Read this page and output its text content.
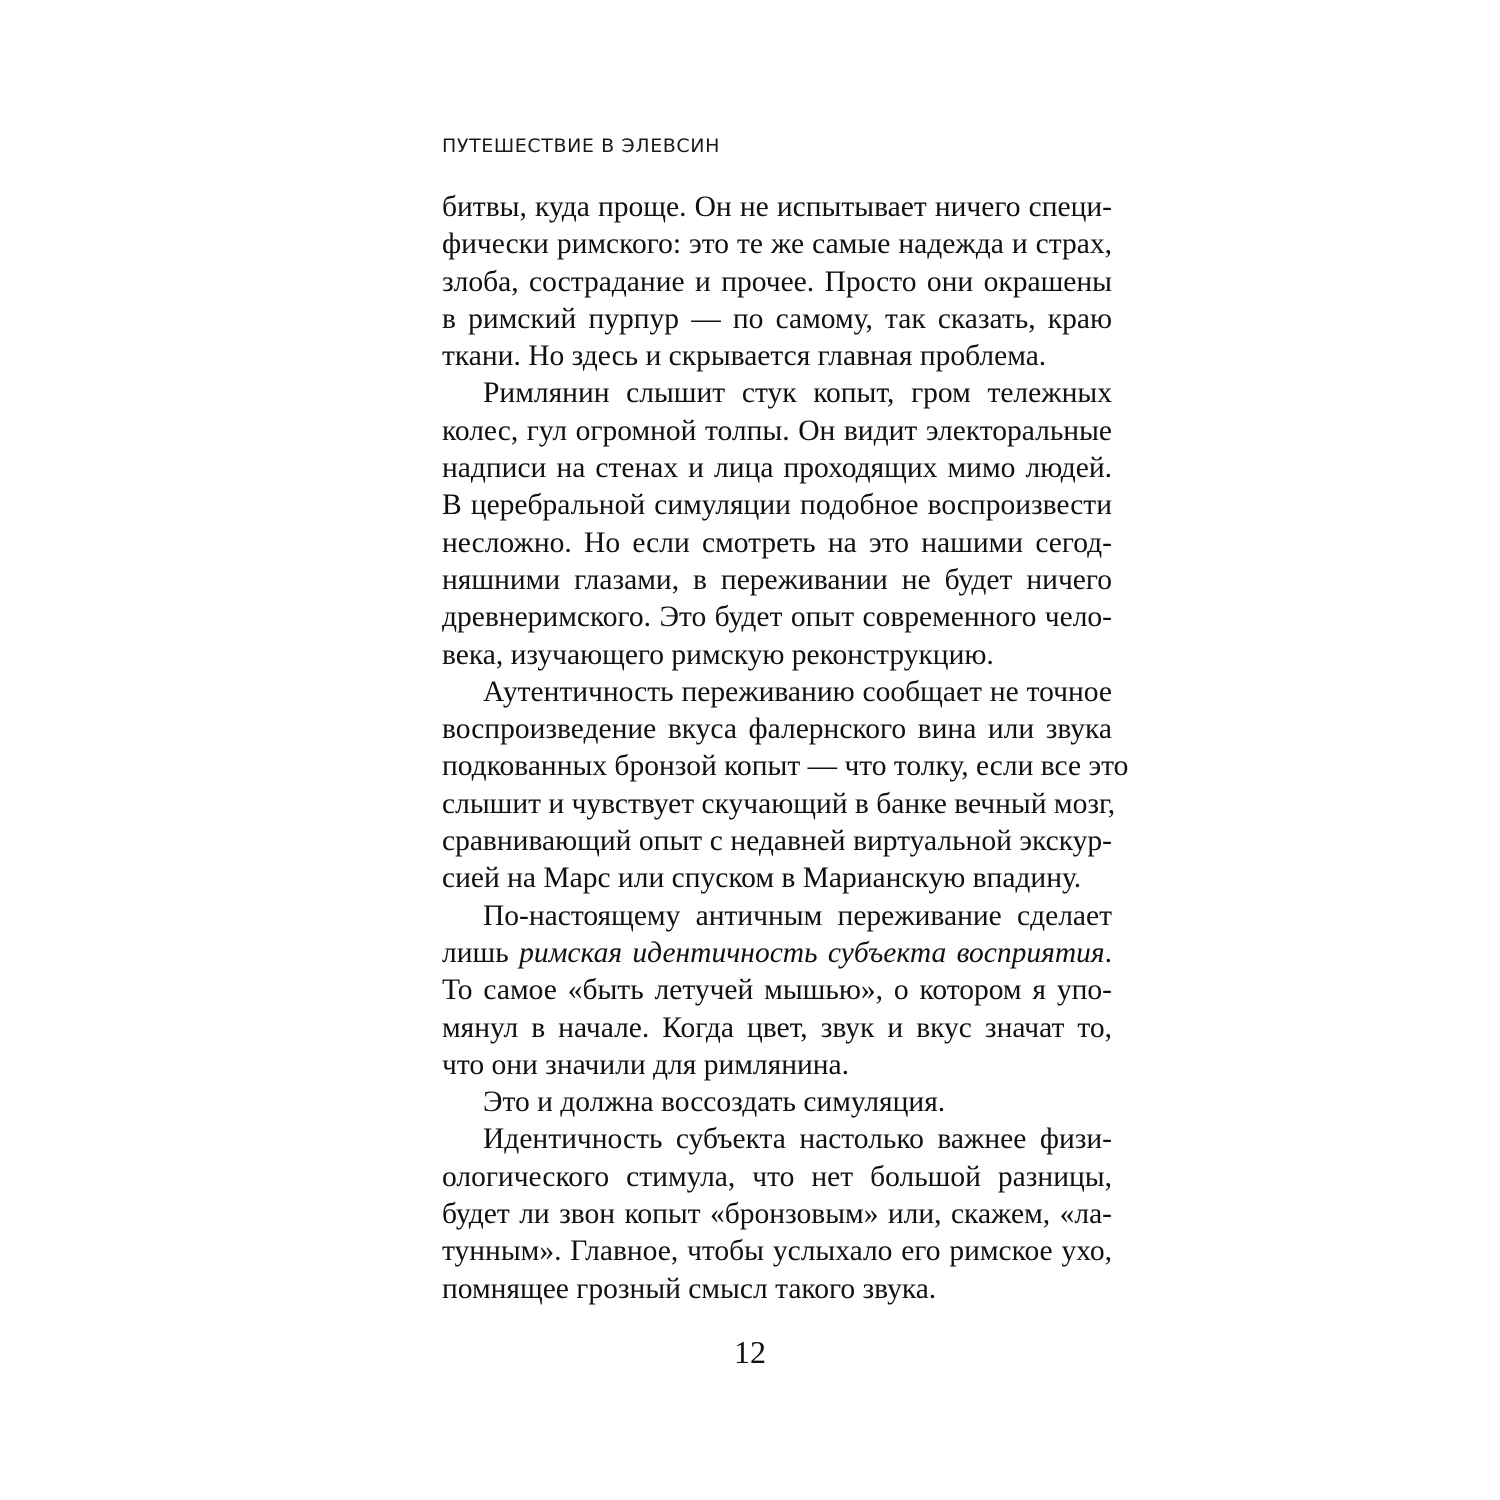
ПУТЕШЕСТВИЕ В ЭЛЕВСИН
битвы, куда проще. Он не испытывает ничего специ-
фически римского: это те же самые надежда и страх,
злоба, сострадание и прочее. Просто они окрашены
в римский пурпур — по самому, так сказать, краю
ткани. Но здесь и скрывается главная проблема.
Римлянин слышит стук копыт, гром тележных
колес, гул огромной толпы. Он видит электоральные
надписи на стенах и лица проходящих мимо людей.
В церебральной симуляции подобное воспроизвести
несложно. Но если смотреть на это нашими сегод-
няшними глазами, в переживании не будет ничего
древнеримского. Это будет опыт современного чело-
века, изучающего римскую реконструкцию.
Аутентичность переживанию сообщает не точное
воспроизведение вкуса фалернского вина или звука
подкованных бронзой копыт — что толку, если все это
слышит и чувствует скучающий в банке вечный мозг,
сравнивающий опыт с недавней виртуальной экскур-
сией на Марс или спуском в Марианскую впадину.
По-настоящему античным переживание сделает
лишь римская идентичность субъекта восприятия.
То самое «быть летучей мышью», о котором я упо-
мянул в начале. Когда цвет, звук и вкус значат то,
что они значили для римлянина.
Это и должна воссоздать симуляция.
Идентичность субъекта настолько важнее физи-
ологического стимула, что нет большой разницы,
будет ли звон копыт «бронзовым» или, скажем, «ла-
тунным». Главное, чтобы услыхало его римское ухо,
помнящее грозный смысл такого звука.
12
